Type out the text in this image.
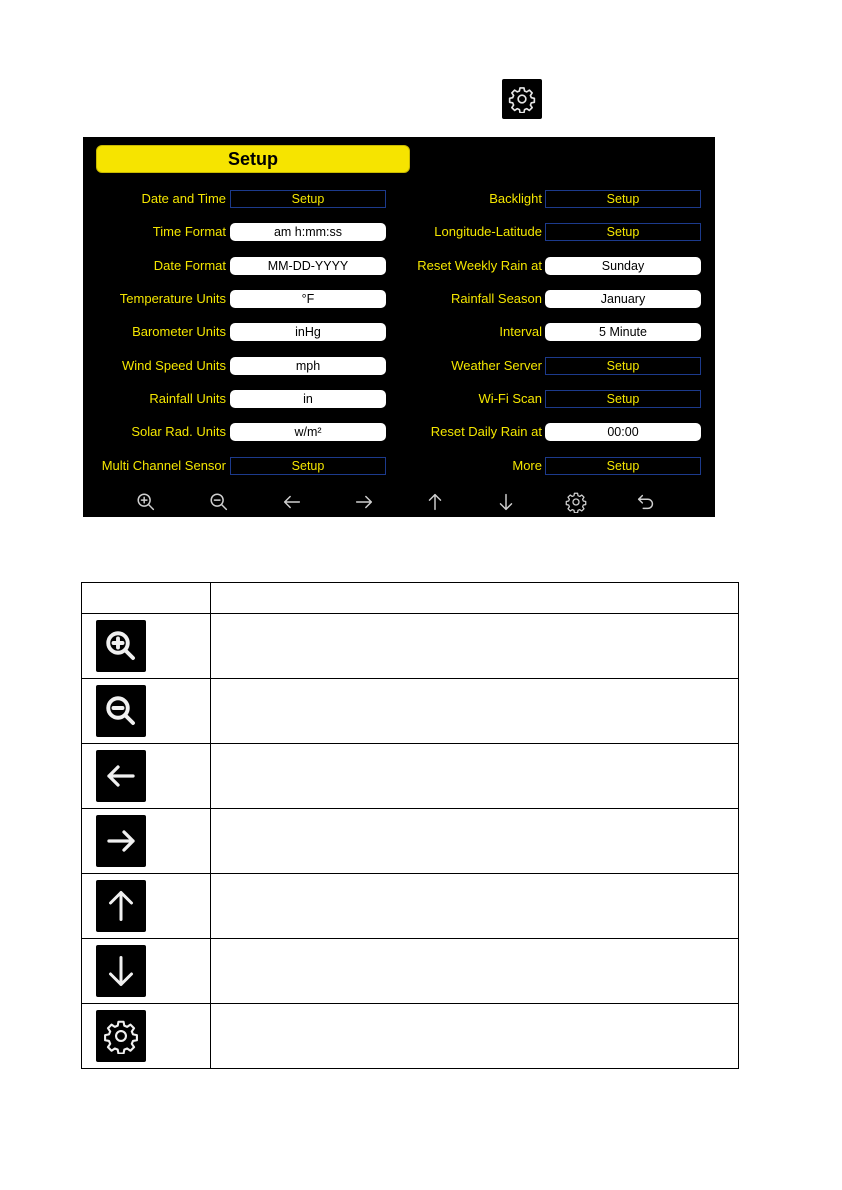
Setup
Date and Time	Setup
Time Format	am h:mm:ss
Date Format	MM-DD-YYYY
Temperature Units	°F
Barometer Units	inHg
Wind Speed Units	mph
Rainfall Units	in
Solar Rad. Units	w/m²
Multi Channel Sensor	Setup
Backlight	Setup
Longitude-Latitude	Setup
Reset Weekly Rain at	Sunday
Rainfall Season	January
Interval	5 Minute
Weather Server	Setup
Wi-Fi Scan	Setup
Reset Daily Rain at	00:00
More	Setup
